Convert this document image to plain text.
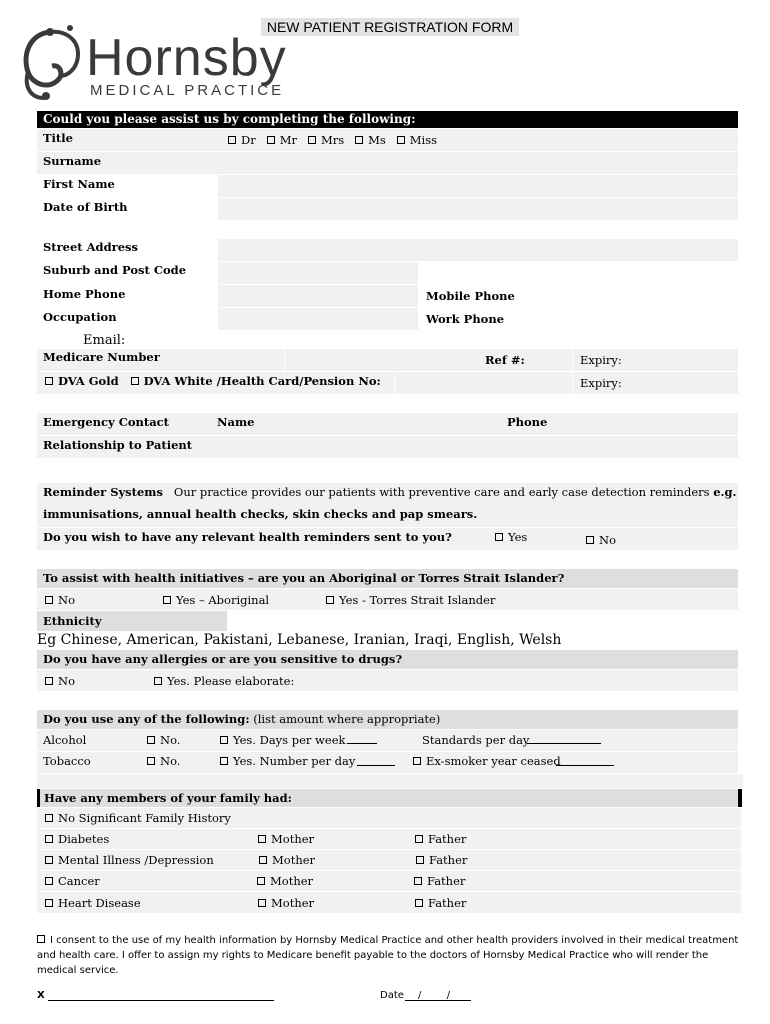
NEW PATIENT REGISTRATION FORM
Hornsby
MEDICAL PRACTICE
Could you please assist us by completing the following:
Title	Dr Mr Mrs Ms Miss
Surname
First Name
Date of Birth
Street Address
Suburb and Post Code
Home Phone	Mobile Phone
Occupation	Work Phone
Email:
Medicare Number	Ref #:	Expiry:
DVA Gold DVA White /Health Card/Pension No:	Expiry:
Emergency Contact	Name	Phone
Relationship to Patient
Reminder Systems Our practice provides our patients with preventive care and early case detection reminders e.g.
immunisations, annual health checks, skin checks and pap smears.
Do you wish to have any relevant health reminders sent to you?	Yes	No
To assist with health initiatives – are you an Aboriginal or Torres Strait Islander?
No	Yes – Aboriginal	Yes - Torres Strait Islander
Ethnicity
Eg Chinese, American, Pakistani, Lebanese, Iranian, Iraqi, English, Welsh
Do you have any allergies or are you sensitive to drugs?
No	Yes. Please elaborate:
Do you use any of the following: (list amount where appropriate)
Alcohol	No.	Yes. Days per week	Standards per day
Tobacco	No.	Yes. Number per day	Ex-smoker year ceased
Have any members of your family had:
No Significant Family History
Diabetes	Mother	Father
Mental Illness /Depression	Mother	Father
Cancer	Mother	Father
Heart Disease	Mother	Father
I consent to the use of my health information by Hornsby Medical Practice and other health providers involved in their medical treatment and health care. I offer to assign my rights to Medicare benefit payable to the doctors of Hornsby Medical Practice who will render the medical service.
X	Date /        /
